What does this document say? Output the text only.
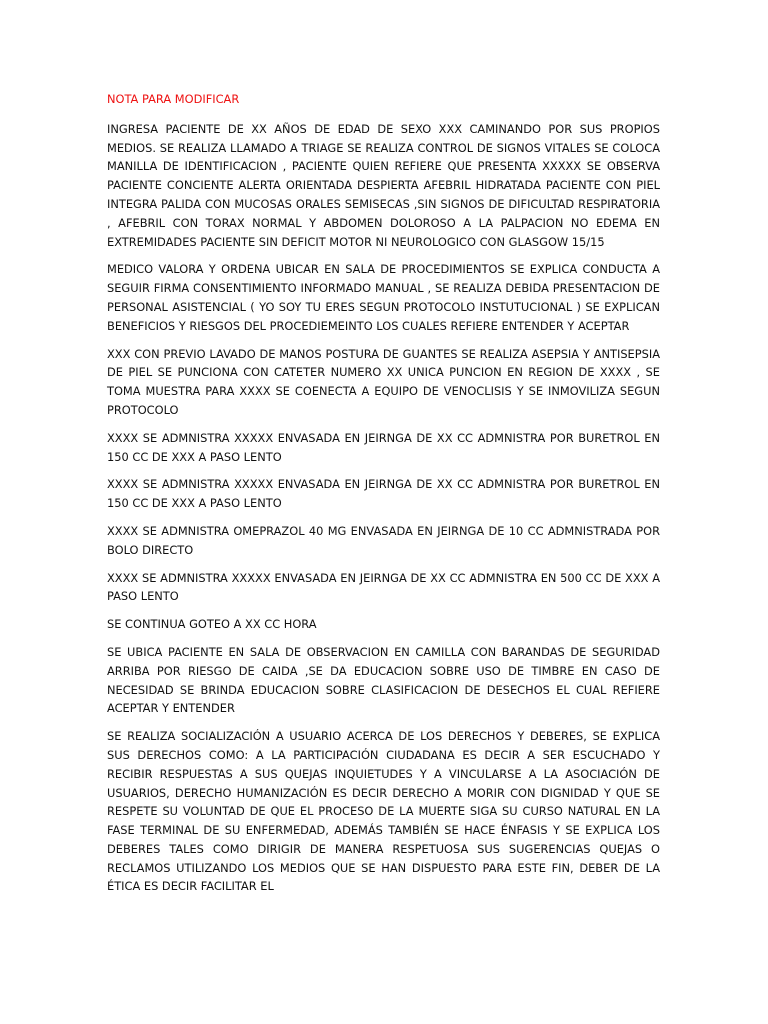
NOTA PARA MODIFICAR

INGRESA PACIENTE DE XX AÑOS DE EDAD DE SEXO XXX CAMINANDO POR SUS PROPIOS MEDIOS. SE REALIZA LLAMADO A TRIAGE SE REALIZA CONTROL DE SIGNOS VITALES SE COLOCA MANILLA DE IDENTIFICACION , PACIENTE QUIEN REFIERE QUE PRESENTA XXXXX SE OBSERVA PACIENTE CONCIENTE ALERTA ORIENTADA DESPIERTA AFEBRIL HIDRATADA PACIENTE CON PIEL INTEGRA PALIDA CON MUCOSAS ORALES SEMISECAS ,SIN SIGNOS DE DIFICULTAD RESPIRATORIA , AFEBRIL CON TORAX NORMAL Y ABDOMEN DOLOROSO A LA PALPACION NO EDEMA EN EXTREMIDADES PACIENTE SIN DEFICIT MOTOR NI NEUROLOGICO CON GLASGOW 15/15

MEDICO VALORA Y ORDENA UBICAR EN SALA DE PROCEDIMIENTOS SE EXPLICA CONDUCTA A SEGUIR FIRMA CONSENTIMIENTO INFORMADO MANUAL , SE REALIZA DEBIDA PRESENTACION DE PERSONAL ASISTENCIAL ( YO SOY TU ERES SEGUN PROTOCOLO INSTUTUCIONAL ) SE EXPLICAN BENEFICIOS Y RIESGOS DEL PROCEDIEMEINTO LOS CUALES REFIERE ENTENDER Y ACEPTAR

XXX CON PREVIO LAVADO DE MANOS POSTURA DE GUANTES SE REALIZA ASEPSIA Y ANTISEPSIA DE PIEL SE PUNCIONA CON CATETER NUMERO XX UNICA PUNCION EN REGION DE XXXX , SE TOMA MUESTRA PARA XXXX SE COENECTA A EQUIPO DE VENOCLISIS Y SE INMOVILIZA SEGUN PROTOCOLO

XXXX SE ADMNISTRA XXXXX ENVASADA EN JEIRNGA DE XX CC ADMNISTRA POR BURETROL EN 150 CC DE XXX A PASO LENTO

XXXX SE ADMNISTRA XXXXX ENVASADA EN JEIRNGA DE XX CC ADMNISTRA POR BURETROL EN 150 CC DE XXX A PASO LENTO

XXXX SE ADMNISTRA OMEPRAZOL 40 MG ENVASADA EN JEIRNGA DE 10 CC ADMNISTRADA POR BOLO DIRECTO

XXXX SE ADMNISTRA XXXXX ENVASADA EN JEIRNGA DE XX CC ADMNISTRA EN 500 CC DE XXX A PASO LENTO

SE CONTINUA GOTEO A XX CC HORA

SE UBICA PACIENTE EN SALA DE OBSERVACION EN CAMILLA CON BARANDAS DE SEGURIDAD ARRIBA POR RIESGO DE CAIDA ,SE DA EDUCACION SOBRE USO DE TIMBRE EN CASO DE NECESIDAD SE BRINDA EDUCACION SOBRE CLASIFICACION DE DESECHOS EL CUAL REFIERE ACEPTAR Y ENTENDER

SE REALIZA SOCIALIZACIÓN A USUARIO ACERCA DE LOS DERECHOS Y DEBERES, SE EXPLICA SUS DERECHOS COMO: A LA PARTICIPACIÓN CIUDADANA ES DECIR A SER ESCUCHADO Y RECIBIR RESPUESTAS A SUS QUEJAS INQUIETUDES Y A VINCULARSE A LA ASOCIACIÓN DE USUARIOS, DERECHO HUMANIZACIÓN ES DECIR DERECHO A MORIR CON DIGNIDAD Y QUE SE RESPETE SU VOLUNTAD DE QUE EL PROCESO DE LA MUERTE SIGA SU CURSO NATURAL EN LA FASE TERMINAL DE SU ENFERMEDAD, ADEMÁS TAMBIÉN SE HACE ÉNFASIS Y SE EXPLICA LOS DEBERES TALES COMO DIRIGIR DE MANERA RESPETUOSA SUS SUGERENCIAS QUEJAS O RECLAMOS UTILIZANDO LOS MEDIOS QUE SE HAN DISPUESTO PARA ESTE FIN, DEBER DE LA ÉTICA ES DECIR FACILITAR EL
